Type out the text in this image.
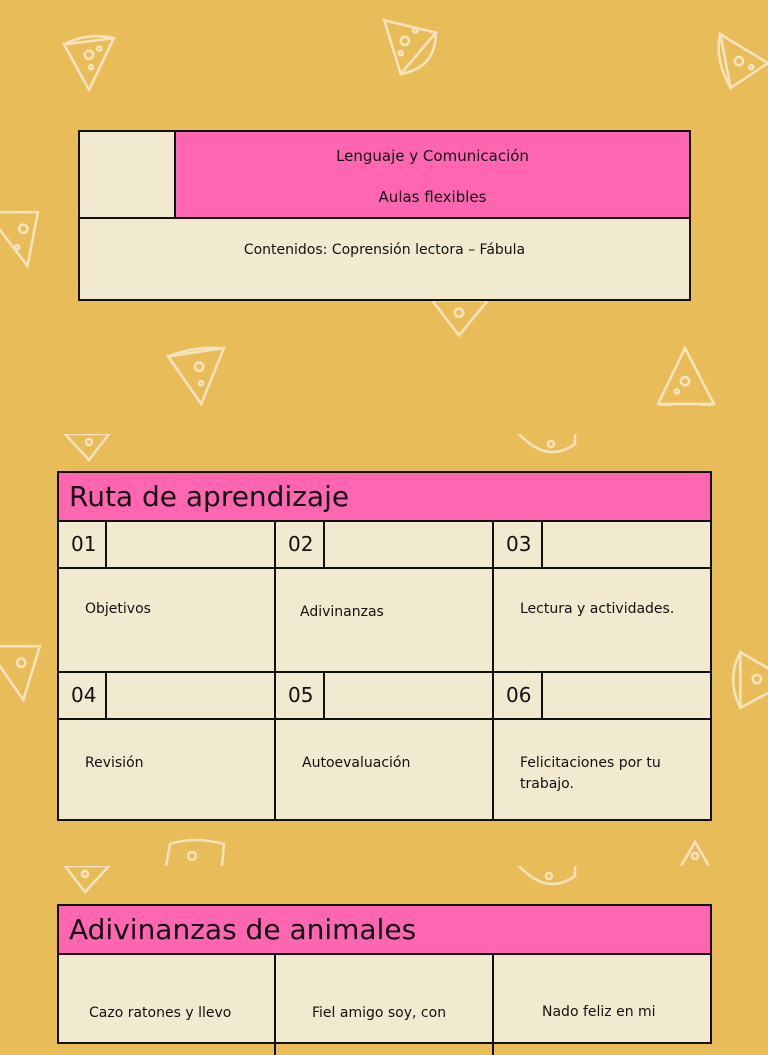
Lenguaje y Comunicación
Aulas flexibles
Contenidos: Coprensión lectora – Fábula
Ruta de aprendizaje
01	02	03
Objetivos	Adivinanzas	Lectura y actividades.
04	05	06
Revisión	Autoevaluación	Felicitaciones por tu trabajo.
Adivinanzas de animales
Cazo ratones y llevo	Fiel amigo soy, con	Nado feliz en mi
